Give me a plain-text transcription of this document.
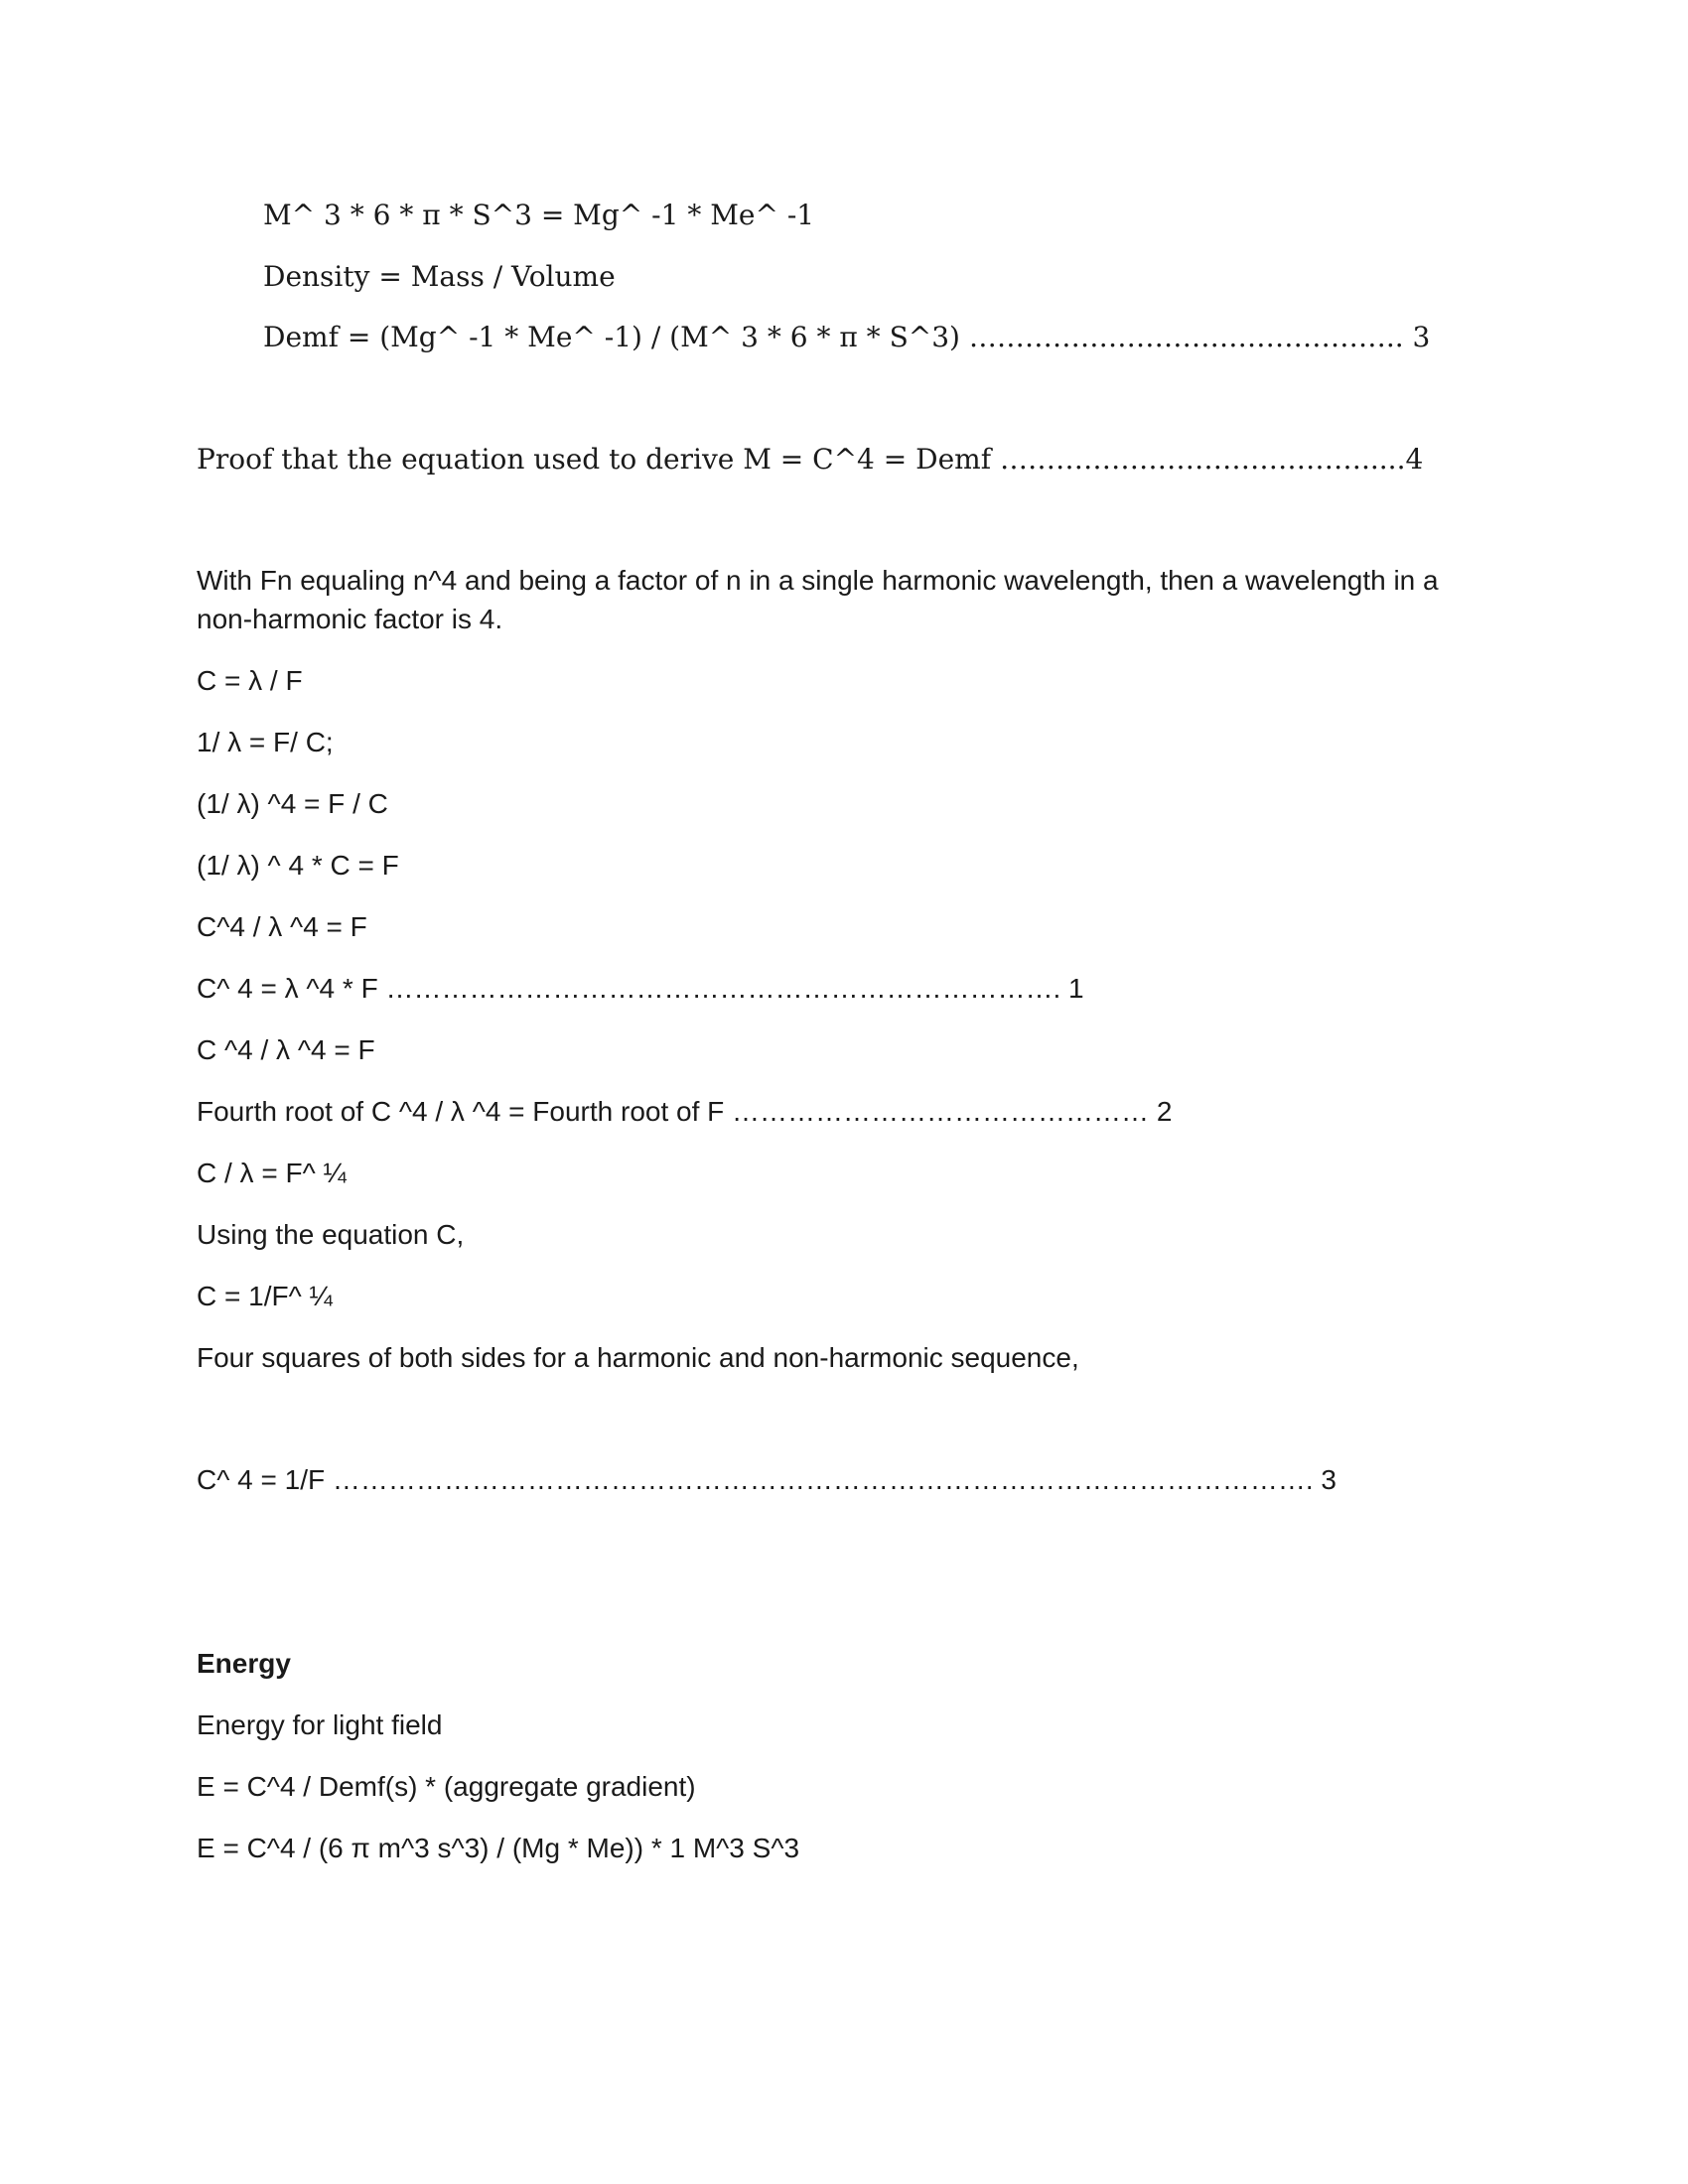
M^ 3 * 6 * π * S^3 = Mg^ -1 * Me^ -1
Density = Mass / Volume
Demf = (Mg^ -1 * Me^ -1) / (M^ 3 * 6 * π * S^3) ……………………………………….. 3
Proof that the equation used to derive M = C^4 = Demf ………………………………….....4
With Fn equaling n^4 and being a factor of n in a single harmonic wavelength, then a wavelength in a
non-harmonic factor is 4.
C = λ / F
1/ λ = F/ C;
(1/ λ) ^4 = F / C
(1/ λ) ^ 4 * C = F
C^4 / λ ^4 = F
C^ 4 = λ ^4 * F ………………………………………………………………. 1
C ^4 / λ ^4 = F
Fourth root of C ^4 / λ ^4 = Fourth root of F ……………………………………… 2
C / λ = F^ ¼
Using the equation C,
C = 1/F^ ¼
Four squares of both sides for a harmonic and non-harmonic sequence,
C^ 4 = 1/F ……………………………………………………………………………………………. 3
Energy
Energy for light field
E = C^4 / Demf(s) * (aggregate gradient)
E = C^4 / (6 π m^3 s^3) / (Mg * Me)) * 1 M^3 S^3
